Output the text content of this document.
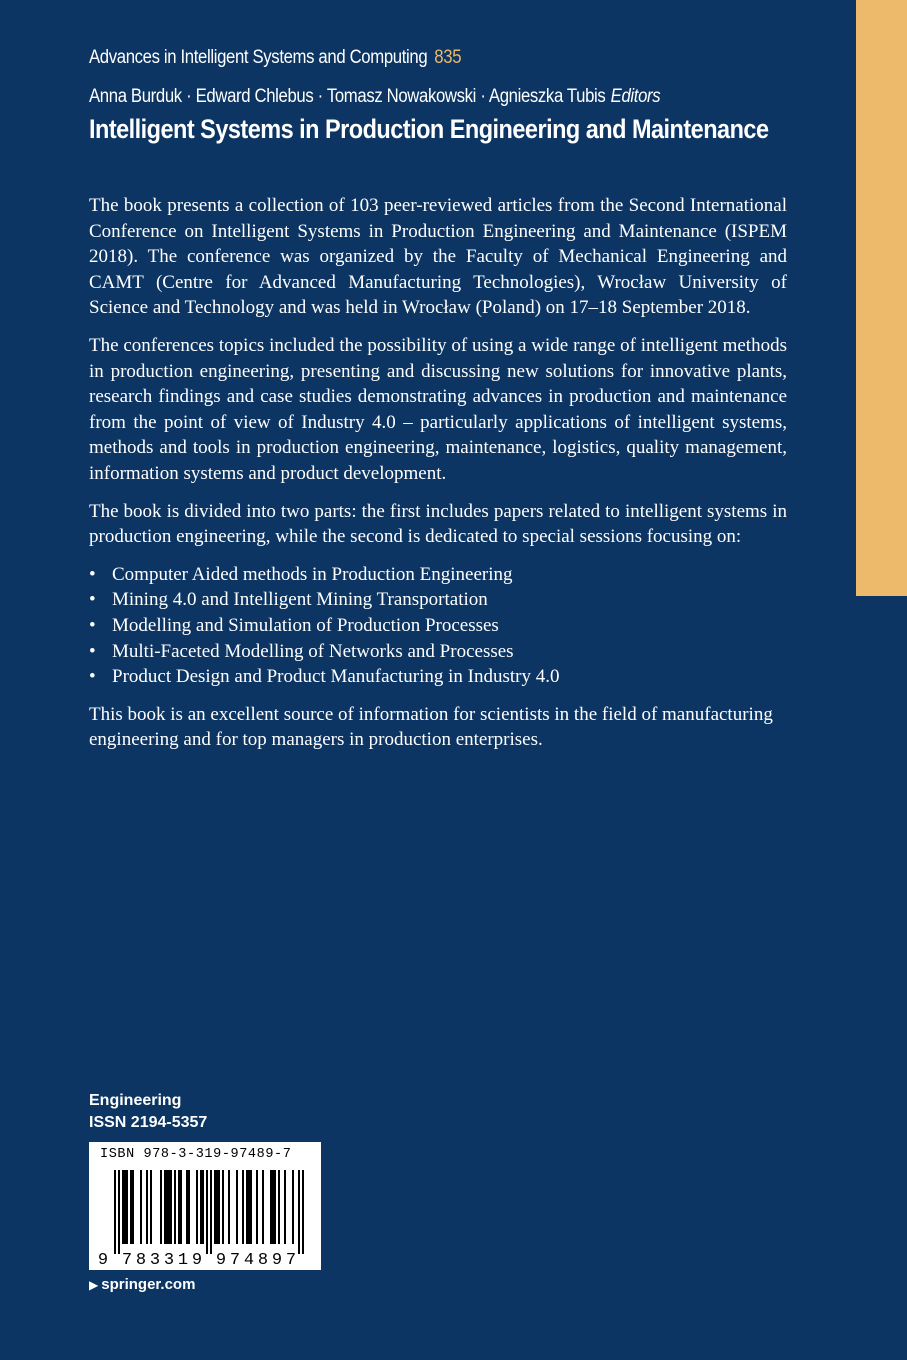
Advances in Intelligent Systems and Computing 835
Anna Burduk · Edward Chlebus · Tomasz Nowakowski · Agnieszka Tubis Editors
Intelligent Systems in Production Engineering and Maintenance

The book presents a collection of 103 peer-reviewed articles from the Second International Conference on Intelligent Systems in Production Engineering and Maintenance (ISPEM 2018). The conference was organized by the Faculty of Mechanical Engineering and CAMT (Centre for Advanced Manufacturing Technologies), Wrocław University of Science and Technology and was held in Wrocław (Poland) on 17–18 September 2018.

The conferences topics included the possibility of using a wide range of intelligent methods in production engineering, presenting and discussing new solutions for innovative plants, research findings and case studies demonstrating advances in production and maintenance from the point of view of Industry 4.0 – particularly applications of intelligent systems, methods and tools in production engineering, maintenance, logistics, quality management, information systems and product development.

The book is divided into two parts: the first includes papers related to intelligent systems in production engineering, while the second is dedicated to special sessions focusing on:

• Computer Aided methods in Production Engineering
• Mining 4.0 and Intelligent Mining Transportation
• Modelling and Simulation of Production Processes
• Multi-Faceted Modelling of Networks and Processes
• Product Design and Product Manufacturing in Industry 4.0

This book is an excellent source of information for scientists in the field of manufacturing engineering and for top managers in production enterprises.

Engineering
ISSN 2194-5357
9 7 8 3 3 1 9 9 7 4 8 9 7
ISBN 978-3-319-97489-7
▶ springer.com
